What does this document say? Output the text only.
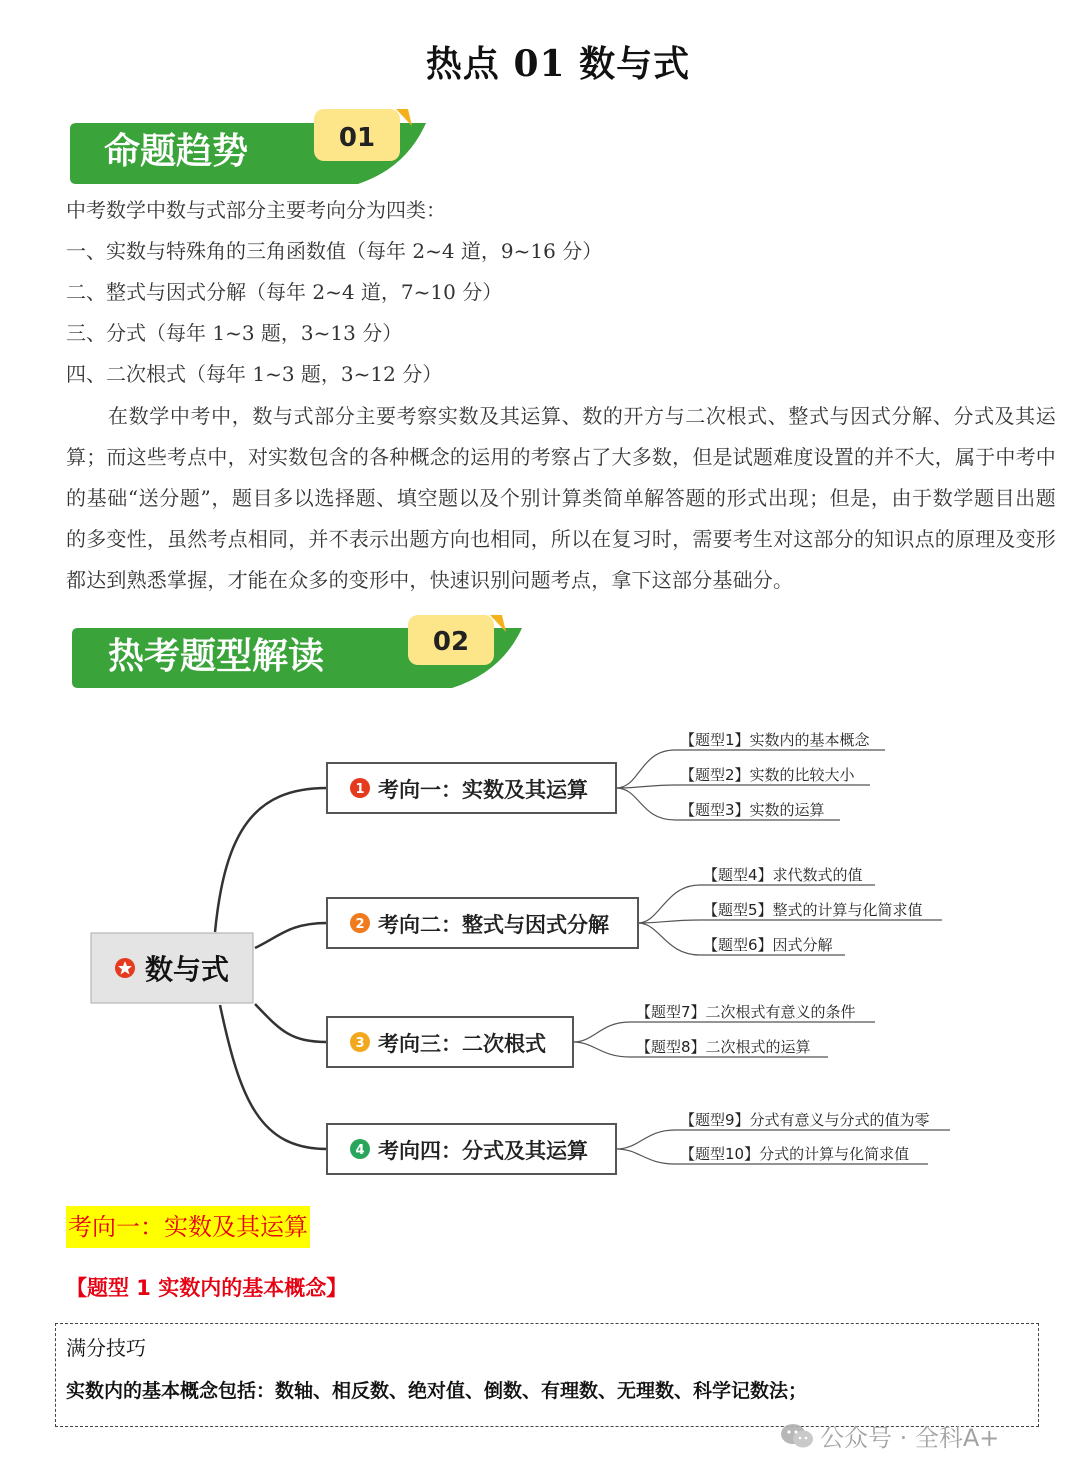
热点 01 数与式
命题趋势	01
中考数学中数与式部分主要考向分为四类：
一、实数与特殊角的三角函数值（每年 2~4 道，9~16 分）
二、整式与因式分解（每年 2~4 道，7~10 分）
三、分式（每年 1~3 题，3~13 分）
四、二次根式（每年 1~3 题，3~12 分）
在数学中考中，数与式部分主要考察实数及其运算、数的开方与二次根式、整式与因式分解、分式及其运算；而这些考点中，对实数包含的各种概念的运用的考察占了大多数，但是试题难度设置的并不大，属于中考中的基础“送分题”，题目多以选择题、填空题以及个别计算类简单解答题的形式出现；但是，由于数学题目出题的多变性，虽然考点相同，并不表示出题方向也相同，所以在复习时，需要考生对这部分的知识点的原理及变形都达到熟悉掌握，才能在众多的变形中，快速识别问题考点，拿下这部分基础分。
热考题型解读	02
数与式
1 考向一：实数及其运算
【题型1】实数内的基本概念
【题型2】实数的比较大小
【题型3】实数的运算
2 考向二：整式与因式分解
【题型4】求代数式的值
【题型5】整式的计算与化简求值
【题型6】因式分解
3 考向三：二次根式
【题型7】二次根式有意义的条件
【题型8】二次根式的运算
4 考向四：分式及其运算
【题型9】分式有意义与分式的值为零
【题型10】分式的计算与化简求值
考向一：实数及其运算
【题型 1 实数内的基本概念】
满分技巧
实数内的基本概念包括：数轴、相反数、绝对值、倒数、有理数、无理数、科学记数法；
公众号 · 全科A+
